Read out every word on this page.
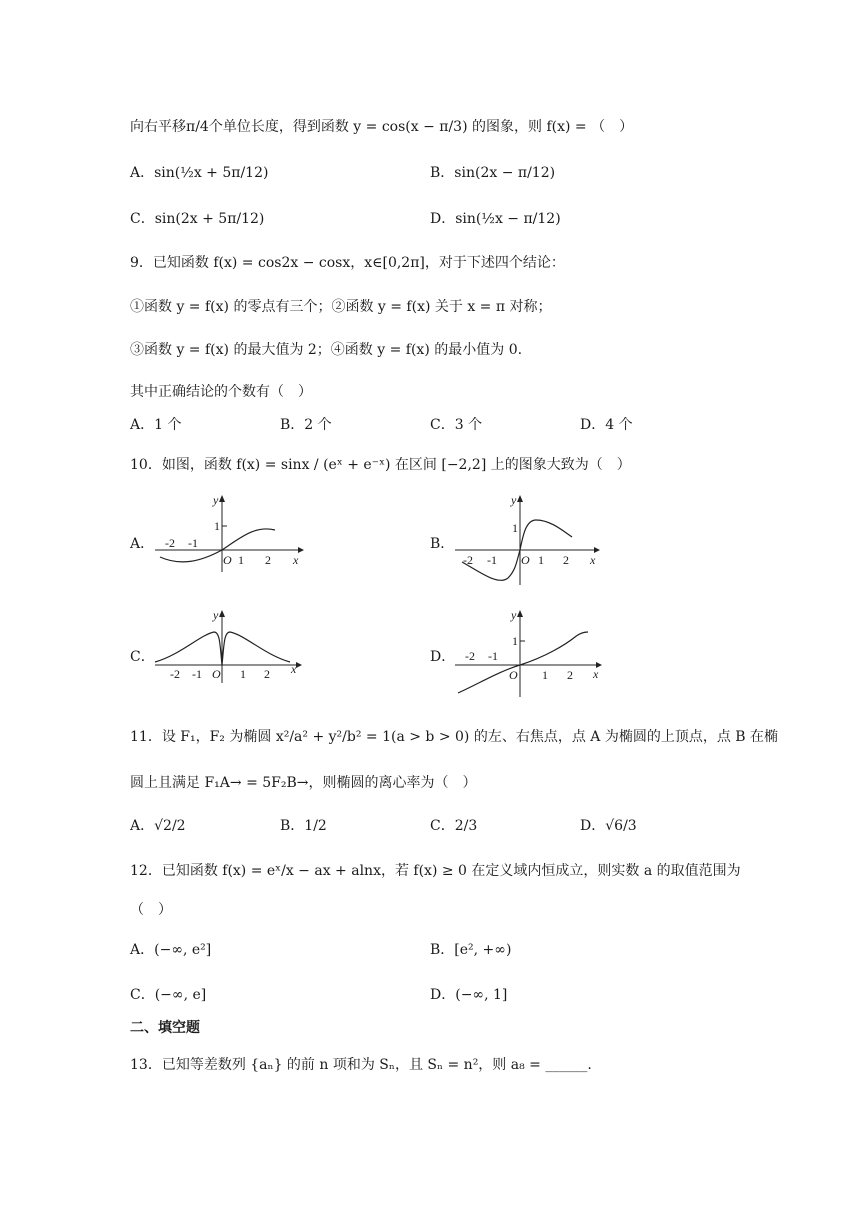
向右平移π/4个单位长度，得到函数 y = cos(x − π/3) 的图象，则 f(x) = （　）
A．sin(½x + 5π/12)	B．sin(2x − π/12)
C．sin(2x + 5π/12)	D．sin(½x − π/12)
9．已知函数 f(x) = cos2x − cosx，x∈[0,2π]，对于下述四个结论：
①函数 y = f(x) 的零点有三个；②函数 y = f(x) 关于 x = π 对称；
③函数 y = f(x) 的最大值为 2；④函数 y = f(x) 的最小值为 0.
其中正确结论的个数有（　）
A．1 个	B．2 个	C．3 个	D．4 个
10．如图，函数 f(x) = sinx / (eˣ + e⁻ˣ) 在区间 [−2,2] 上的图象大致为（　）
A．
1
y
x
O 1 2
-2 -1	B．
y
1
x
O 1 2
-2 -1
C．
y
x
O 1 2
-2 -1
D．
y
1
x
O 1 2
-2 -1
11．设 F₁，F₂ 为椭圆 x²/a² + y²/b² = 1(a > b > 0) 的左、右焦点，点 A 为椭圆的上顶点，点 B 在椭
圆上且满足 F₁A→ = 5F₂B→，则椭圆的离心率为（　）
A．√2/2	B．1/2	C．2/3	D．√6/3
12．已知函数 f(x) = eˣ/x − ax + alnx，若 f(x) ≥ 0 在定义域内恒成立，则实数 a 的取值范围为
（　）
A．(−∞, e²]	B．[e², +∞)
C．(−∞, e]	D．(−∞, 1]
二、填空题
13．已知等差数列 {aₙ} 的前 n 项和为 Sₙ，且 Sₙ = n²，则 a₈ = ______.
